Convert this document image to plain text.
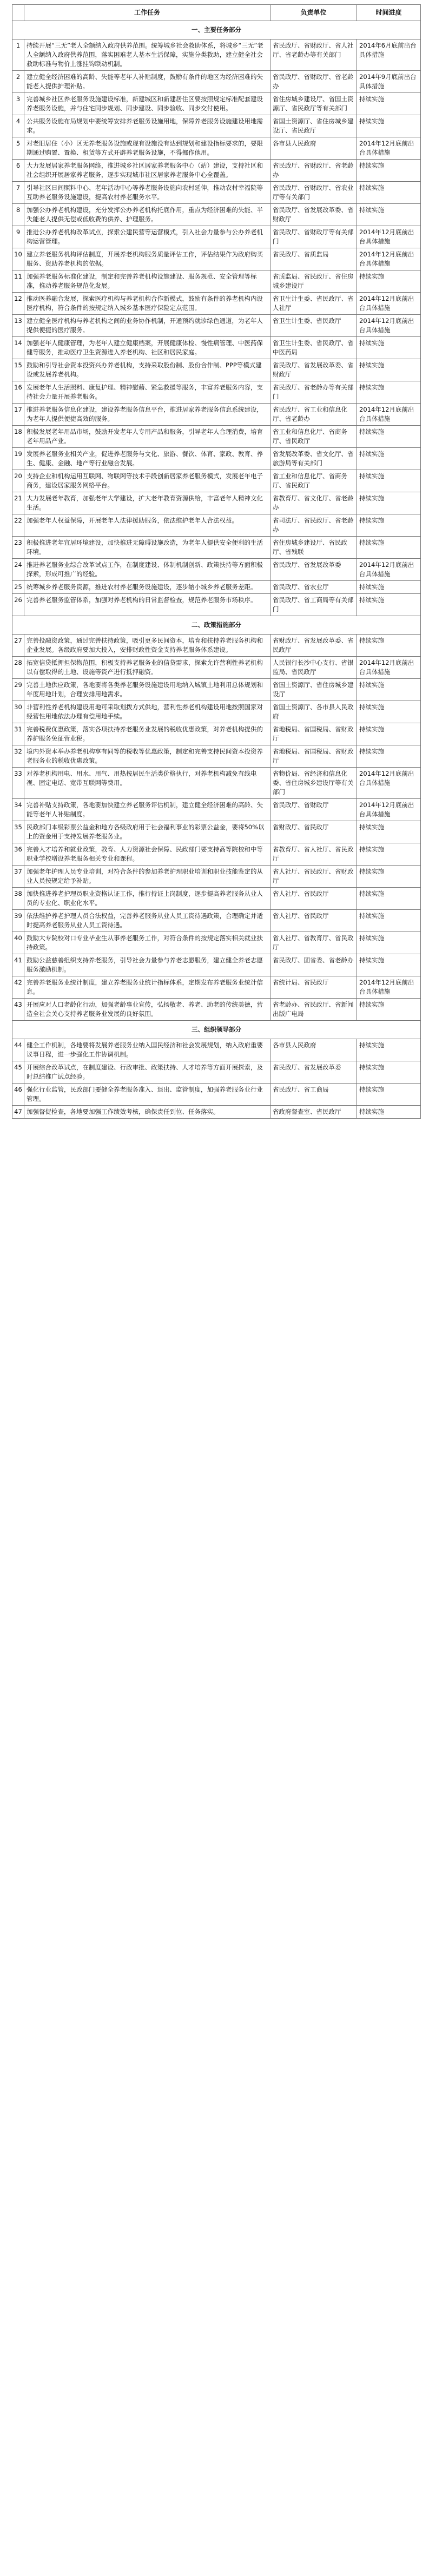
	工作任务	负责单位	时间进度
一、主要任务部分			
1	持续开展“三无”老人全额纳入政府供养范围。统筹城乡社会救助体系，将城乡“三无”老人全额纳入政府供养范围，落实困难老人基本生活保障，实施分类救助，建立健全社会救助标准与物价上涨挂钩联动机制。	省民政厅、省财政厅、省人社厅、省老龄办等有关部门	2014年6月底前出台具体措施
2	建立健全经济困难的高龄、失能等老年人补贴制度，鼓励有条件的地区为经济困难的失能老人提供护理补贴。	省民政厅、省财政厅、省老龄办	2014年9月底前出台具体措施
3	完善城乡社区养老服务设施建设标准，新建城区和新建居住区要按照规定标准配套建设养老服务设施，并与住宅同步规划、同步建设、同步验收、同步交付使用。	省住房城乡建设厅、省国土资源厅、省民政厅等有关部门	持续实施
4	公共服务设施布局规划中要统筹安排养老服务设施用地，保障养老服务设施建设用地需求。	省国土资源厅、省住房城乡建设厅、省民政厅	持续实施
5	对老旧居住（小）区无养老服务设施或现有设施没有达到规划和建设指标要求的，要限期通过购置、置换、租赁等方式开辟养老服务设施，不得挪作他用。	各市县人民政府	2014年12月底前出台具体措施
6	大力发展居家养老服务网络，推进城乡社区居家养老服务中心（站）建设，支持社区和社会组织开展居家养老服务，逐步实现城市社区居家养老服务中心全覆盖。	省民政厅、省财政厅、省老龄办	持续实施
7	引导社区日间照料中心、老年活动中心等养老服务设施向农村延伸，推动农村幸福院等互助养老服务设施建设，提高农村养老服务水平。	省民政厅、省财政厅、省农业厅等有关部门	持续实施
8	加强公办养老机构建设，充分发挥公办养老机构托底作用，重点为经济困难的失能、半失能老人提供无偿或低收费的供养、护理服务。	省民政厅、省发展改革委、省财政厅	持续实施
9	推进公办养老机构改革试点，探索公建民营等运营模式，引入社会力量参与公办养老机构运营管理。	省民政厅、省财政厅等有关部门	2014年12月底前出台具体措施
10	建立养老服务机构评估制度，开展养老机构服务质量评估工作，评估结果作为政府购买服务、资助养老机构的依据。	省民政厅、省质监局	2014年12月底前出台具体措施
11	加强养老服务标准化建设，制定和完善养老机构设施建设、服务规范、安全管理等标准，推动养老服务规范化发展。	省质监局、省民政厅、省住房城乡建设厅	持续实施
12	推动医养融合发展，探索医疗机构与养老机构合作新模式，鼓励有条件的养老机构内设医疗机构，符合条件的按规定纳入城乡基本医疗保险定点范围。	省卫生计生委、省民政厅、省人社厅	2014年12月底前出台具体措施
13	建立健全医疗机构与养老机构之间的业务协作机制，开通预约就诊绿色通道，为老年人提供便捷的医疗服务。	省卫生计生委、省民政厅	2014年12月底前出台具体措施
14	加强老年人健康管理，为老年人建立健康档案，开展健康体检、慢性病管理、中医药保健等服务，推动医疗卫生资源进入养老机构、社区和居民家庭。	省卫生计生委、省民政厅、省中医药局	持续实施
15	鼓励和引导社会资本投资兴办养老机构，支持采取股份制、股份合作制、PPP等模式建设或发展养老机构。	省民政厅、省发展改革委、省财政厅	持续实施
16	发展老年人生活照料、康复护理、精神慰藉、紧急救援等服务，丰富养老服务内容，支持社会力量开展养老服务。	省民政厅、省老龄办等有关部门	持续实施
17	推进养老服务信息化建设，建设养老服务信息平台，推进居家养老服务信息系统建设，为老年人提供便捷高效的服务。	省民政厅、省工业和信息化厅、省老龄办	2014年12月底前出台具体措施
18	积极发展老年用品市场，鼓励开发老年人专用产品和服务，引导老年人合理消费，培育老年用品产业。	省工业和信息化厅、省商务厅、省民政厅	持续实施
19	发展养老服务业相关产业，促进养老服务与文化、旅游、餐饮、体育、家政、教育、养生、健康、金融、地产等行业融合发展。	省发展改革委、省文化厅、省旅游局等有关部门	持续实施
20	支持企业和机构运用互联网、物联网等技术手段创新居家养老服务模式，发展老年电子商务，建设居家服务网络平台。	省工业和信息化厅、省商务厅、省民政厅	持续实施
21	大力发展老年教育，加强老年大学建设，扩大老年教育资源供给，丰富老年人精神文化生活。	省教育厅、省文化厅、省老龄办	持续实施
22	加强老年人权益保障，开展老年人法律援助服务，依法维护老年人合法权益。	省司法厅、省民政厅、省老龄办	持续实施
23	积极推进老年宜居环境建设，加快推进无障碍设施改造，为老年人提供安全便利的生活环境。	省住房城乡建设厅、省民政厅、省残联	持续实施
24	推进养老服务业综合改革试点工作，在制度建设、体制机制创新、政策扶持等方面积极探索，形成可推广的经验。	省民政厅、省发展改革委	2014年12月底前出台具体措施
25	统筹城乡养老服务资源，推进农村养老服务设施建设，逐步缩小城乡养老服务差距。	省民政厅、省农业厅	持续实施
26	完善养老服务监管体系，加强对养老机构的日常监督检查，规范养老服务市场秩序。	省民政厅、省工商局等有关部门	持续实施
二、政策措施部分			
27	完善投融资政策，通过完善扶持政策，吸引更多民间资本，培育和扶持养老服务机构和企业发展。各级政府要加大投入，安排财政性资金支持养老服务体系建设。	省财政厅、省发展改革委、省民政厅	持续实施
28	拓宽信贷抵押担保物范围，积极支持养老服务业的信贷需求，探索允许营利性养老机构以有偿取得的土地、设施等资产进行抵押融资。	人民银行长沙中心支行、省银监局、省民政厅	2014年12月底前出台具体措施
29	完善土地供应政策，各地要将各类养老服务设施建设用地纳入城镇土地利用总体规划和年度用地计划，合理安排用地需求。	省国土资源厅、省住房城乡建设厅	持续实施
30	非营利性养老机构建设用地可采取划拨方式供地，营利性养老机构建设用地按照国家对经营性用地依法办理有偿用地手续。	省国土资源厅、各市县人民政府	持续实施
31	完善税费优惠政策，落实各项扶持养老服务业发展的税收优惠政策，对养老机构提供的养护服务免征营业税。	省地税局、省国税局、省财政厅	持续实施
32	境内外资本举办养老机构享有同等的税收等优惠政策，制定和完善支持民间资本投资养老服务业的税收优惠政策。	省地税局、省国税局、省财政厅	持续实施
33	对养老机构用电、用水、用气、用热按居民生活类价格执行，对养老机构减免有线电视、固定电话、宽带互联网等费用。	省物价局、省经济和信息化委、省住房城乡建设厅等有关部门	2014年12月底前出台具体措施
34	完善补贴支持政策，各地要加快建立养老服务评估机制，建立健全经济困难的高龄、失能等老年人补贴制度。	省民政厅、省财政厅	2014年12月底前出台具体措施
35	民政部门本级彩票公益金和地方各级政府用于社会福利事业的彩票公益金，要将50%以上的资金用于支持发展养老服务业。	省财政厅、省民政厅	持续实施
36	完善人才培养和就业政策，教育、人力资源社会保障、民政部门要支持高等院校和中等职业学校增设养老服务相关专业和课程。	省教育厅、省人社厅、省民政厅	持续实施
37	加强老年护理人员专业培训，对符合条件的参加养老护理职业培训和职业技能鉴定的从业人员按规定给予补贴。	省人社厅、省民政厅、省财政厅	持续实施
38	加快推进养老护理员职业资格认证工作，推行持证上岗制度，逐步提高养老服务从业人员的专业化、职业化水平。	省人社厅、省民政厅	持续实施
39	依法维护养老护理人员合法权益，完善养老服务从业人员工资待遇政策，合理确定并适时提高养老服务从业人员工资待遇。	省人社厅、省民政厅	持续实施
40	鼓励大专院校对口专业毕业生从事养老服务工作，对符合条件的按规定落实相关就业扶持政策。	省人社厅、省教育厅、省民政厅	持续实施
41	鼓励公益慈善组织支持养老服务，引导社会力量参与养老志愿服务，建立健全养老志愿服务激励机制。	省民政厅、团省委、省老龄办	持续实施
42	完善养老服务业统计制度，建立养老服务业统计指标体系，定期发布养老服务业统计信息。	省统计局、省民政厅	2014年12月底前出台具体措施
43	开展应对人口老龄化行动，加强老龄事业宣传，弘扬敬老、养老、助老的传统美德，营造全社会关心支持养老服务业发展的良好氛围。	省老龄办、省民政厅、省新闻出版广电局	持续实施
三、组织领导部分			
44	健全工作机制，各地要将发展养老服务业纳入国民经济和社会发展规划，纳入政府重要议事日程，进一步强化工作协调机制。	各市县人民政府	持续实施
45	开展综合改革试点，在制度建设、行政审批、政策扶持、人才培养等方面开展探索，及时总结推广试点经验。	省民政厅、省发展改革委	持续实施
46	强化行业监管，民政部门要健全养老服务准入、退出、监管制度，加强养老服务业行业管理。	省民政厅、省工商局	持续实施
47	加强督促检查，各地要加强工作绩效考核，确保责任到位、任务落实。	省政府督查室、省民政厅	持续实施
